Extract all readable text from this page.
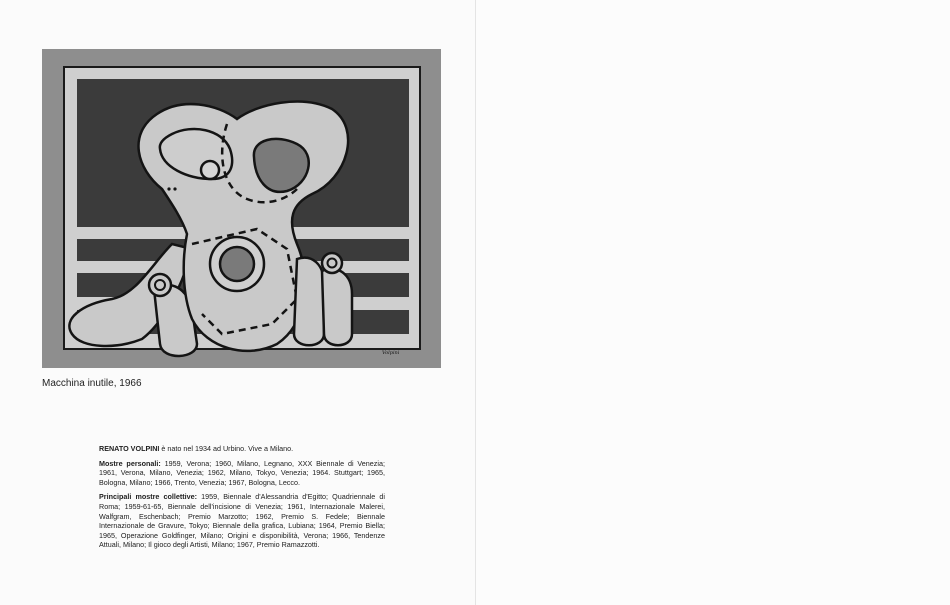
Volpini
Macchina inutile, 1966

RENATO VOLPINI è nato nel 1934 ad Urbino. Vive a Milano.

Mostre personali: 1959, Verona; 1960, Milano, Legnano, XXX Biennale di Venezia; 1961, Verona, Milano, Venezia; 1962, Milano, Tokyo, Venezia; 1964. Stuttgart; 1965, Bologna, Milano; 1966, Trento, Venezia; 1967, Bologna, Lecco.

Principali mostre collettive: 1959, Biennale d'Alessandria d'Egitto; Quadriennale di Roma; 1959-61-65, Biennale dell'incisione di Venezia; 1961, Internazionale Malerei, Walfgram, Eschenbach; Premio Marzotto; 1962, Premio S. Fedele; Biennale Internazionale de Gravure, Tokyo; Biennale della grafica, Lubiana; 1964, Premio Biella; 1965, Operazione Goldfinger, Milano; Origini e disponibilità, Verona; 1966, Tendenze Attuali, Milano; Il gioco degli Artisti, Milano; 1967, Premio Ramazzotti.
